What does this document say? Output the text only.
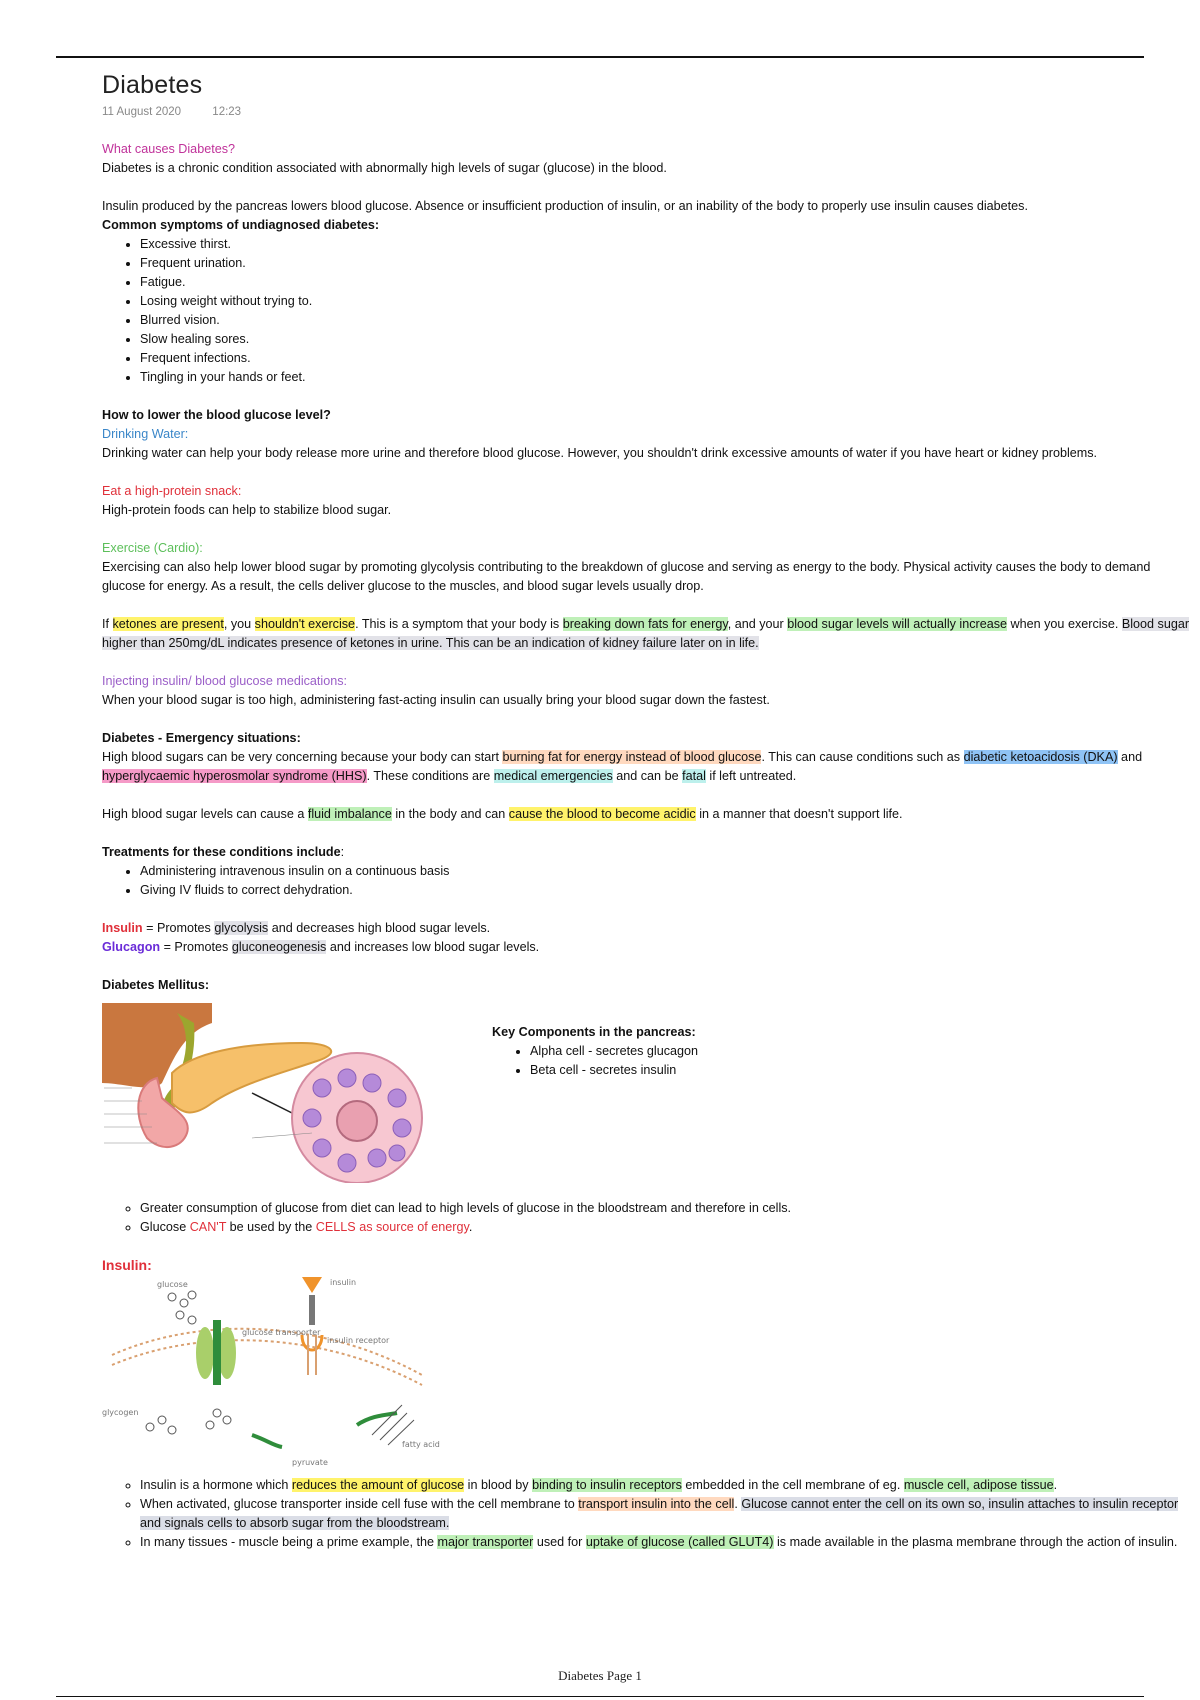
Diabetes
11 August 2020	12:23

What causes Diabetes?

Diabetes is a chronic condition associated with abnormally high levels of sugar (glucose) in the blood.

Insulin produced by the pancreas lowers blood glucose. Absence or insufficient production of insulin, or an inability of the body to properly use insulin causes diabetes.

Common symptoms of undiagnosed diabetes:

• Excessive thirst.
• Frequent urination.
• Fatigue.
• Losing weight without trying to.
• Blurred vision.
• Slow healing sores.
• Frequent infections.
• Tingling in your hands or feet.

How to lower the blood glucose level?

Drinking Water:

Drinking water can help your body release more urine and therefore blood glucose. However, you shouldn't drink excessive amounts of water if you have heart or kidney problems.

Eat a high-protein snack:

High-protein foods can help to stabilize blood sugar.

Exercise (Cardio):

Exercising can also help lower blood sugar by promoting glycolysis contributing to the breakdown of glucose and serving as energy to the body. Physical activity causes the body to demand glucose for energy. As a result, the cells deliver glucose to the muscles, and blood sugar levels usually drop.

If ketones are present, you shouldn't exercise. This is a symptom that your body is breaking down fats for energy, and your blood sugar levels will actually increase when you exercise. Blood sugar higher than 250mg/dL indicates presence of ketones in urine. This can be an indication of kidney failure later on in life.

Injecting insulin/ blood glucose medications:

When your blood sugar is too high, administering fast-acting insulin can usually bring your blood sugar down the fastest.

Diabetes - Emergency situations:

High blood sugars can be very concerning because your body can start burning fat for energy instead of blood glucose. This can cause conditions such as diabetic ketoacidosis (DKA) and hyperglycaemic hyperosmolar syndrome (HHS). These conditions are medical emergencies and can be fatal if left untreated.

High blood sugar levels can cause a fluid imbalance in the body and can cause the blood to become acidic in a manner that doesn't support life.

Treatments for these conditions include:

• Administering intravenous insulin on a continuous basis
• Giving IV fluids to correct dehydration.

Insulin = Promotes glycolysis and decreases high blood sugar levels.

Glucagon = Promotes gluconeogenesis and increases low blood sugar levels.

Diabetes Mellitus:

Key Components in the pancreas:

• Alpha cell - secretes glucagon
• Beta cell - secretes insulin
◦ Greater consumption of glucose from diet can lead to high levels of glucose in the bloodstream and therefore in cells.
◦ Glucose CAN'T be used by the CELLS as source of energy.

Insulin:

glucose
glucose transporter
insulin
insulin receptor
glycogen
fatty acid
pyruvate
◦ Insulin is a hormone which reduces the amount of glucose in blood by binding to insulin receptors embedded in the cell membrane of eg. muscle cell, adipose tissue.
◦ When activated, glucose transporter inside cell fuse with the cell membrane to transport insulin into the cell. Glucose cannot enter the cell on its own so, insulin attaches to insulin receptor and signals cells to absorb sugar from the bloodstream.
◦ In many tissues - muscle being a prime example, the major transporter used for uptake of glucose (called GLUT4) is made available in the plasma membrane through the action of insulin.
Diabetes Page 1
